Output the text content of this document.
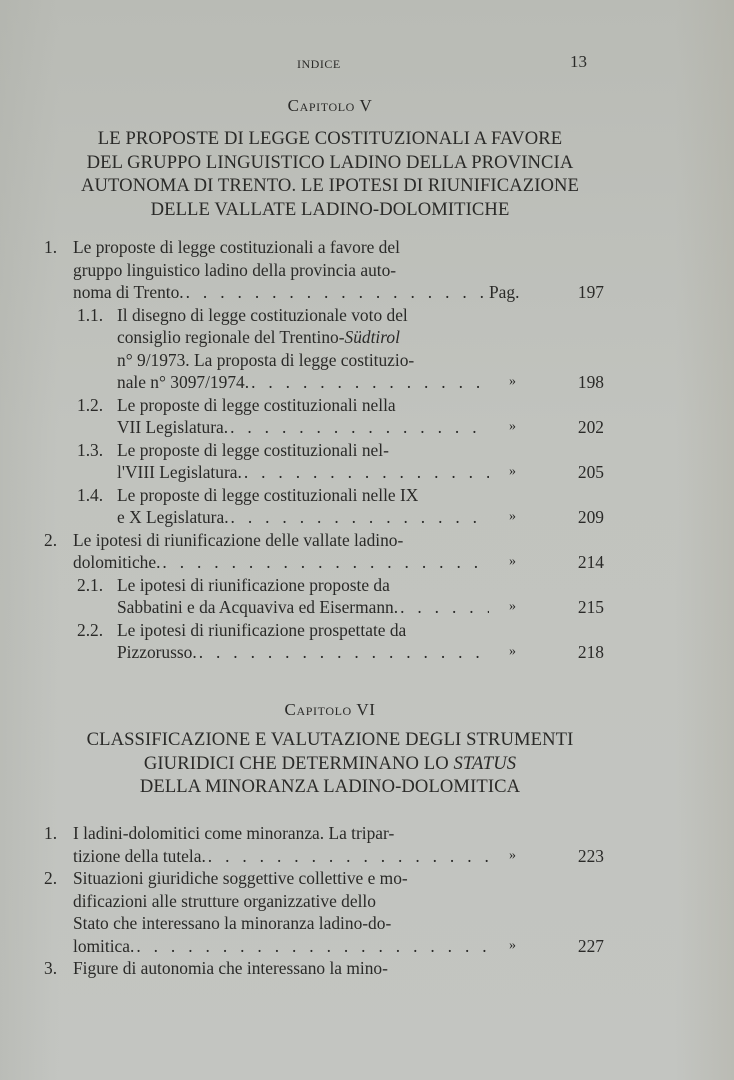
INDICE	13
Capitolo V
LE PROPOSTE DI LEGGE COSTITUZIONALI A FAVORE
DEL GRUPPO LINGUISTICO LADINO DELLA PROVINCIA
AUTONOMA DI TRENTO. LE IPOTESI DI RIUNIFICAZIONE
DELLE VALLATE LADINO-DOLOMITICHE
1. Le proposte di legge costituzionali a favore del
gruppo linguistico ladino della provincia auto-
noma di Trento. . . .	Pag.	197
1.1. Il disegno di legge costituzionale voto del
consiglio regionale del Trentino-Südtirol
n° 9/1973. La proposta di legge costituzio-
nale n° 3097/1974. . . .	»	198
1.2. Le proposte di legge costituzionali nella
VII Legislatura. . . .	»	202
1.3. Le proposte di legge costituzionali nel-
l'VIII Legislatura. . . .	»	205
1.4. Le proposte di legge costituzionali nelle IX
e X Legislatura. . . .	»	209
2. Le ipotesi di riunificazione delle vallate ladino-
dolomitiche. . . .	»	214
2.1. Le ipotesi di riunificazione proposte da
Sabbatini e da Acquaviva ed Eisermann. . . .	»	215
2.2. Le ipotesi di riunificazione prospettate da
Pizzorusso. . . .	»	218
Capitolo VI
CLASSIFICAZIONE E VALUTAZIONE DEGLI STRUMENTI
GIURIDICI CHE DETERMINANO LO STATUS
DELLA MINORANZA LADINO-DOLOMITICA
1. I ladini-dolomitici come minoranza. La tripar-
tizione della tutela. . . .	»	223
2. Situazioni giuridiche soggettive collettive e mo-
dificazioni alle strutture organizzative dello
Stato che interessano la minoranza ladino-do-
lomitica. . . .	»	227
3. Figure di autonomia che interessano la mino-
